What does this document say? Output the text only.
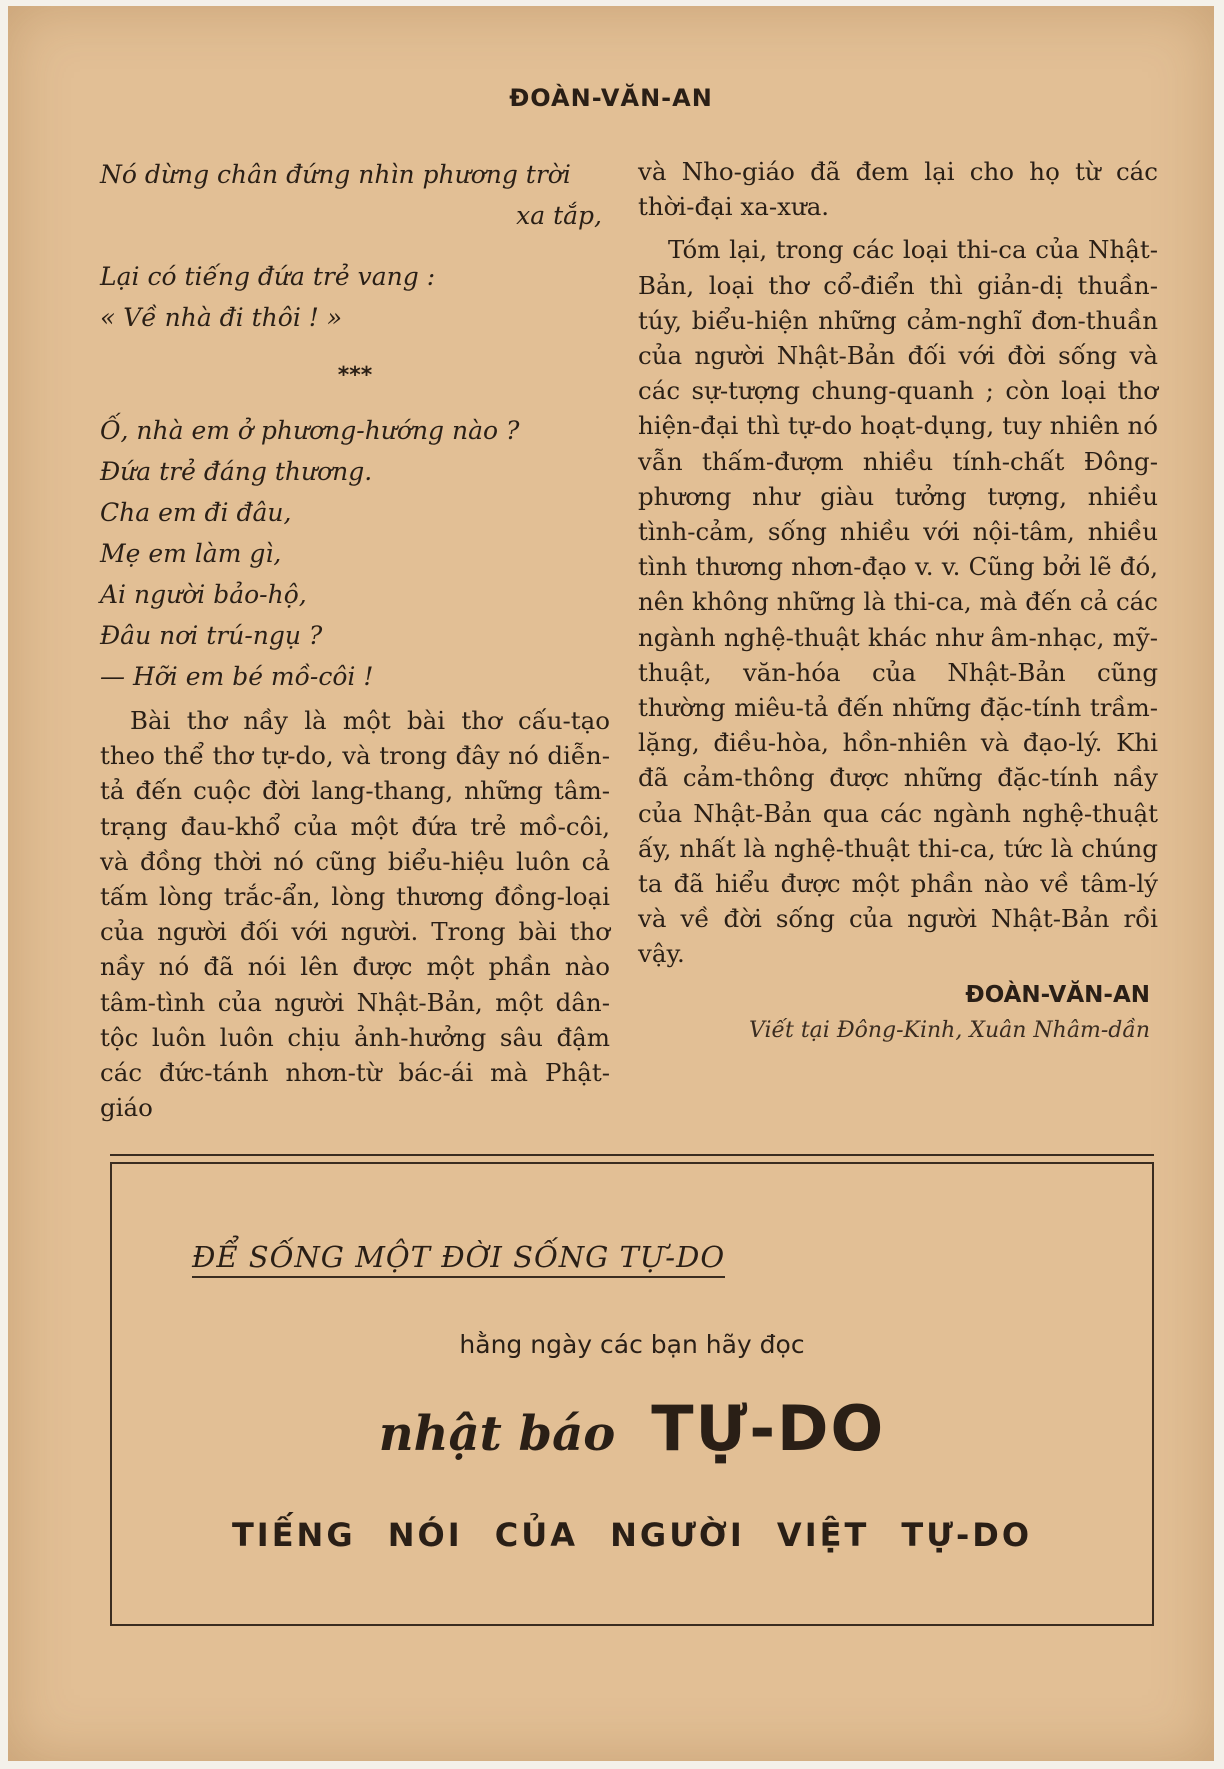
ĐOÀN-VĂN-AN
Nó dừng chân đứng nhìn phương trời
xa tắp,
Lại có tiếng đứa trẻ vang :
« Về nhà đi thôi ! »
***
Ố, nhà em ở phương-hướng nào ?
Đứa trẻ đáng thương.
Cha em đi đâu,
Mẹ em làm gì,
Ai người bảo-hộ,
Đâu nơi trú-ngụ ?
— Hỡi em bé mồ-côi !

Bài thơ nầy là một bài thơ cấu-tạo theo thể thơ tự-do, và trong đây nó diễn-tả đến cuộc đời lang-thang, những tâm-trạng đau-khổ của một đứa trẻ mồ-côi, và đồng thời nó cũng biểu-hiệu luôn cả tấm lòng trắc-ẩn, lòng thương đồng-loại của người đối với người. Trong bài thơ nầy nó đã nói lên được một phần nào tâm-tình của người Nhật-Bản, một dân-tộc luôn luôn chịu ảnh-hưởng sâu đậm các đức-tánh nhơn-từ bác-ái mà Phật-giáo

và Nho-giáo đã đem lại cho họ từ các thời-đại xa-xưa.

Tóm lại, trong các loại thi-ca của Nhật-Bản, loại thơ cổ-điển thì giản-dị thuần-túy, biểu-hiện những cảm-nghĩ đơn-thuần của người Nhật-Bản đối với đời sống và các sự-tượng chung-quanh ; còn loại thơ hiện-đại thì tự-do hoạt-dụng, tuy nhiên nó vẫn thấm-đượm nhiều tính-chất Đông-phương như giàu tưởng tượng, nhiều tình-cảm, sống nhiều với nội-tâm, nhiều tình thương nhơn-đạo v. v. Cũng bởi lẽ đó, nên không những là thi-ca, mà đến cả các ngành nghệ-thuật khác như âm-nhạc, mỹ-thuật, văn-hóa của Nhật-Bản cũng thường miêu-tả đến những đặc-tính trầm-lặng, điều-hòa, hồn-nhiên và đạo-lý. Khi đã cảm-thông được những đặc-tính nầy của Nhật-Bản qua các ngành nghệ-thuật ấy, nhất là nghệ-thuật thi-ca, tức là chúng ta đã hiểu được một phần nào về tâm-lý và về đời sống của người Nhật-Bản rồi vậy.

ĐOÀN-VĂN-AN
Viết tại Đông-Kinh, Xuân Nhâm-dần
ĐỂ SỐNG MỘT ĐỜI SỐNG TỰ-DO
hằng ngày các bạn hãy đọc
nhật báo TỰ-DO
TIẾNG NÓI CỦA NGƯỜI VIỆT TỰ-DO
